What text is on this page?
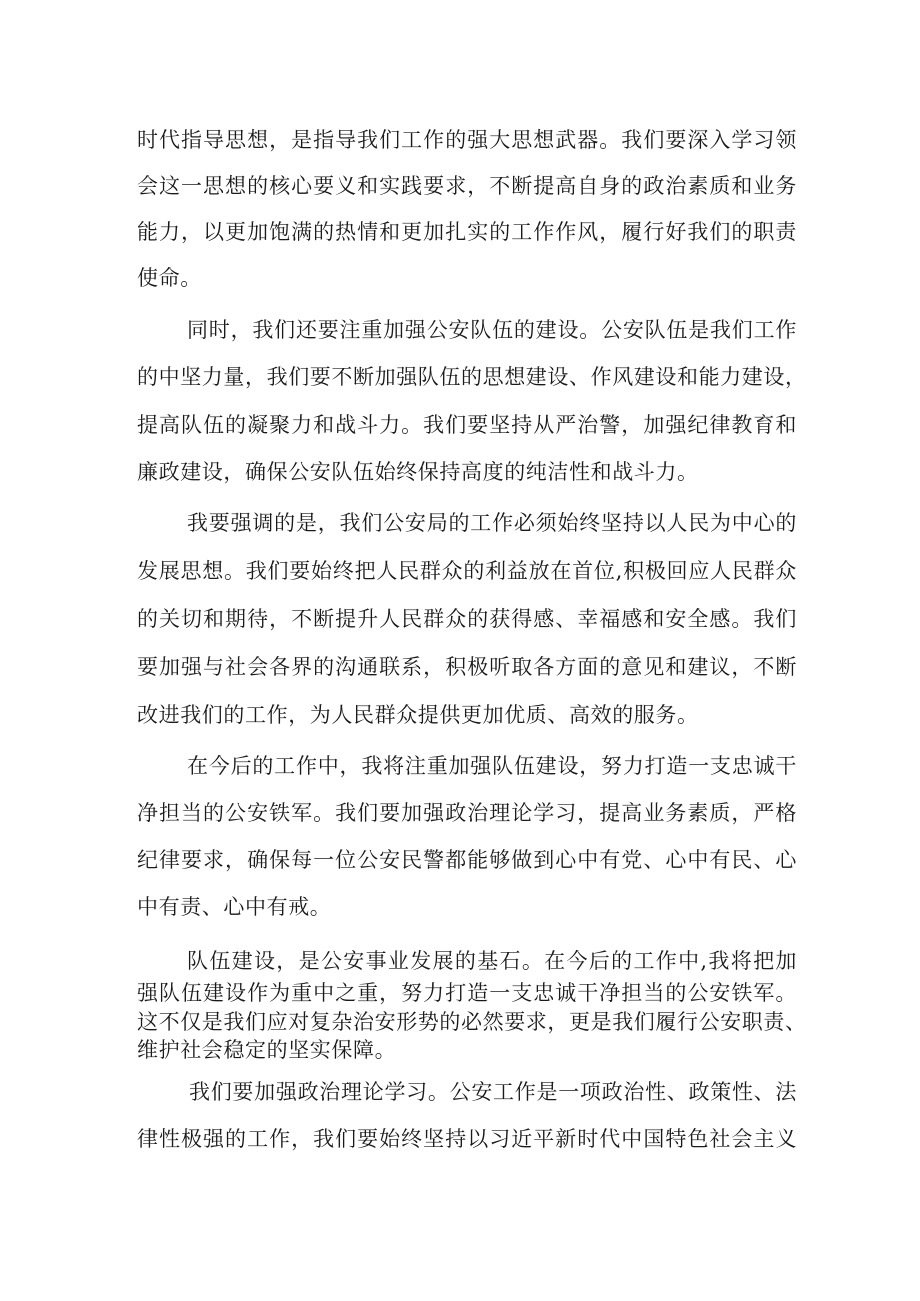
时代指导思想，是指导我们工作的强大思想武器。我们要深入学习领
会这一思想的核心要义和实践要求，不断提高自身的政治素质和业务
能力，以更加饱满的热情和更加扎实的工作作风，履行好我们的职责
使命。
同时，我们还要注重加强公安队伍的建设。公安队伍是我们工作
的中坚力量，我们要不断加强队伍的思想建设、作风建设和能力建设，
提高队伍的凝聚力和战斗力。我们要坚持从严治警，加强纪律教育和
廉政建设，确保公安队伍始终保持高度的纯洁性和战斗力。
我要强调的是，我们公安局的工作必须始终坚持以人民为中心的
发展思想。我们要始终把人民群众的利益放在首位,积极回应人民群众
的关切和期待，不断提升人民群众的获得感、幸福感和安全感。我们
要加强与社会各界的沟通联系，积极听取各方面的意见和建议，不断
改进我们的工作，为人民群众提供更加优质、高效的服务。
在今后的工作中，我将注重加强队伍建设，努力打造一支忠诚干
净担当的公安铁军。我们要加强政治理论学习，提高业务素质，严格
纪律要求，确保每一位公安民警都能够做到心中有党、心中有民、心
中有责、心中有戒。
队伍建设，是公安事业发展的基石。在今后的工作中,我将把加
强队伍建设作为重中之重，努力打造一支忠诚干净担当的公安铁军。
这不仅是我们应对复杂治安形势的必然要求，更是我们履行公安职责、
维护社会稳定的坚实保障。
我们要加强政治理论学习。公安工作是一项政治性、政策性、法
律性极强的工作，我们要始终坚持以习近平新时代中国特色社会主义
